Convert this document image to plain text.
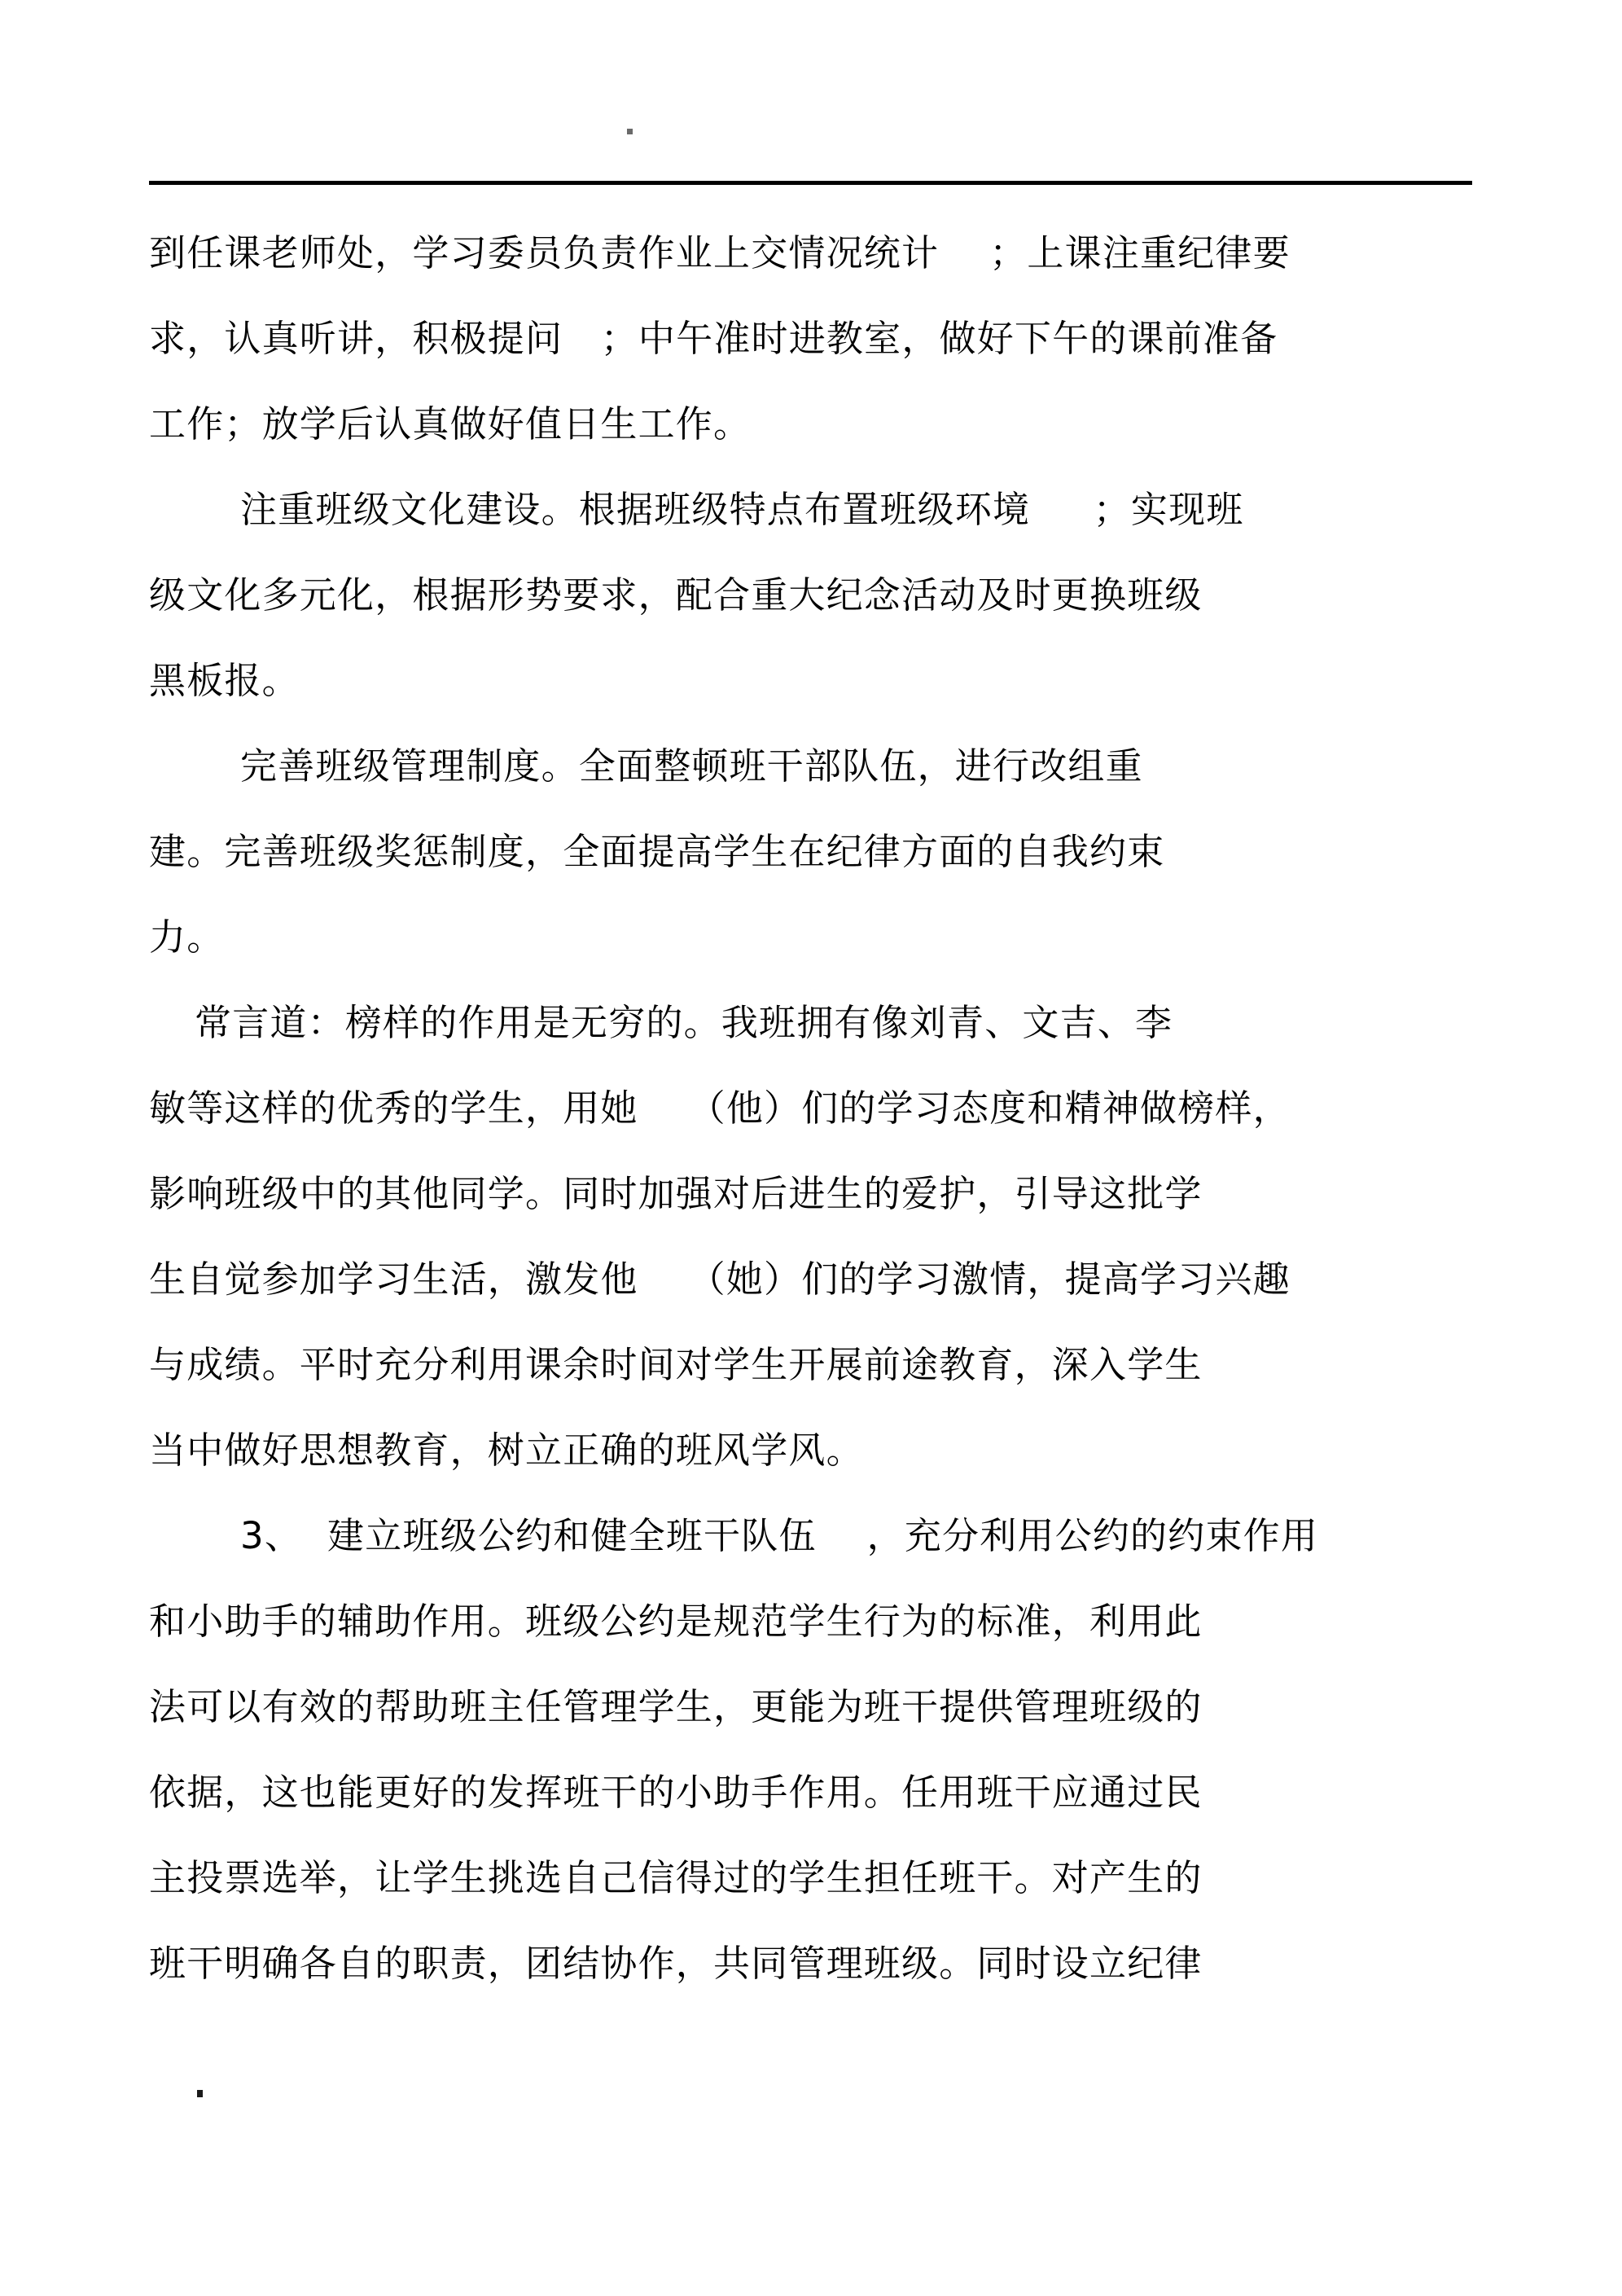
到任课老师处，学习委员负责作业上交情况统计    ；上课注重纪律要
求，认真听讲，积极提问   ；中午准时进教室，做好下午的课前准备
工作；放学后认真做好值日生工作。
注重班级文化建设。根据班级特点布置班级环境     ；实现班
级文化多元化，根据形势要求，配合重大纪念活动及时更换班级
黑板报。
完善班级管理制度。全面整顿班干部队伍，进行改组重
建。完善班级奖惩制度，全面提高学生在纪律方面的自我约束
力。
常言道：榜样的作用是无穷的。我班拥有像刘青、文吉、李
敏等这样的优秀的学生，用她    （他）们的学习态度和精神做榜样，
影响班级中的其他同学。同时加强对后进生的爱护，引导这批学
生自觉参加学习生活，激发他    （她）们的学习激情，提高学习兴趣
与成绩。平时充分利用课余时间对学生开展前途教育，深入学生
当中做好思想教育，树立正确的班风学风。
3、  建立班级公约和健全班干队伍    ，充分利用公约的约束作用
和小助手的辅助作用。班级公约是规范学生行为的标准，利用此
法可以有效的帮助班主任管理学生，更能为班干提供管理班级的
依据，这也能更好的发挥班干的小助手作用。任用班干应通过民
主投票选举，让学生挑选自己信得过的学生担任班干。对产生的
班干明确各自的职责，团结协作，共同管理班级。同时设立纪律
